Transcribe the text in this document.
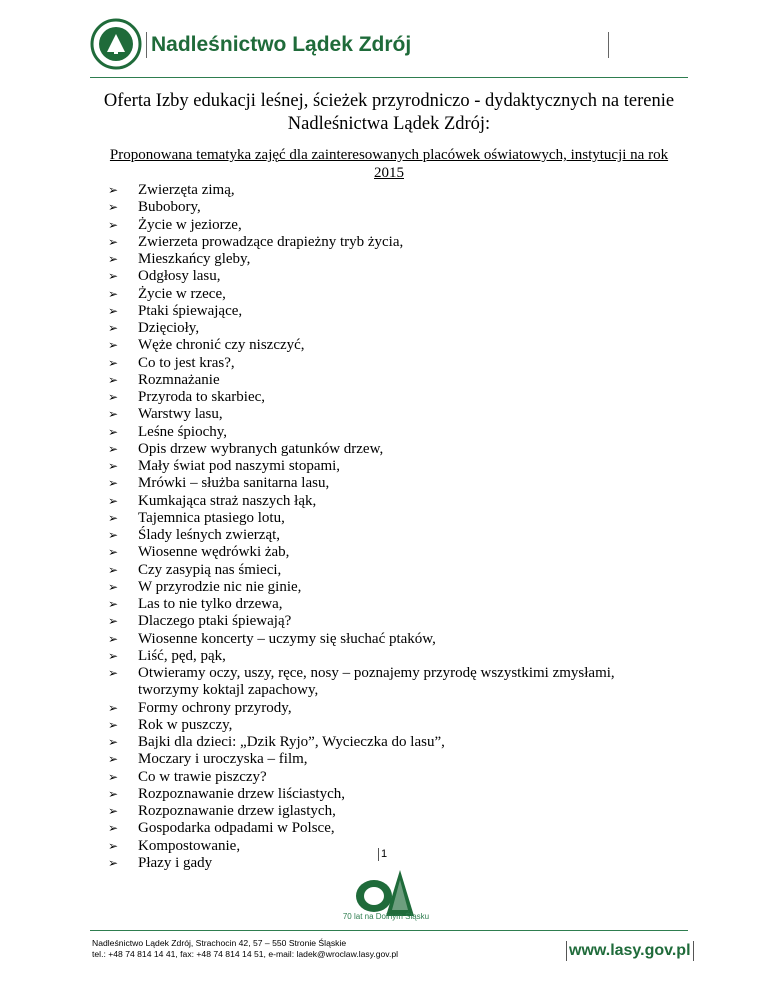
Nadleśnictwo Lądek Zdrój
Oferta Izby edukacji leśnej, ścieżek przyrodniczo - dydaktycznych na terenie
Nadleśnictwa Lądek Zdrój:
Proponowana tematyka zajęć dla zainteresowanych placówek oświatowych, instytucji na rok
2015
➢ Zwierzęta zimą,
➢ Bubobory,
➢ Życie w jeziorze,
➢ Zwierzeta prowadzące drapieżny tryb życia,
➢ Mieszkańcy gleby,
➢ Odgłosy lasu,
➢ Życie w rzece,
➢ Ptaki śpiewające,
➢ Dzięcioły,
➢ Węże chronić czy niszczyć,
➢ Co to jest kras?,
➢ Rozmnażanie
➢ Przyroda to skarbiec,
➢ Warstwy lasu,
➢ Leśne śpiochy,
➢ Opis drzew wybranych gatunków drzew,
➢ Mały świat pod naszymi stopami,
➢ Mrówki – służba sanitarna lasu,
➢ Kumkająca straż naszych łąk,
➢ Tajemnica ptasiego lotu,
➢ Ślady leśnych zwierząt,
➢ Wiosenne wędrówki żab,
➢ Czy zasypią nas śmieci,
➢ W przyrodzie nic nie ginie,
➢ Las to nie tylko drzewa,
➢ Dlaczego ptaki śpiewają?
➢ Wiosenne koncerty – uczymy się słuchać ptaków,
➢ Liść, pęd, pąk,
➢ Otwieramy oczy, uszy, ręce, nosy – poznajemy przyrodę wszystkimi zmysłami, tworzymy koktajl zapachowy,
➢ Formy ochrony przyrody,
➢ Rok w puszczy,
➢ Bajki dla dzieci: „Dzik Ryjo”, Wycieczka do lasu”,
➢ Moczary i uroczyska – film,
➢ Co w trawie piszczy?
➢ Rozpoznawanie drzew liściastych,
➢ Rozpoznawanie drzew iglastych,
➢ Gospodarka odpadami w Polsce,
➢ Kompostowanie,
➢ Płazy i gady
1
70 lat na Dolnym Śląsku
Nadleśnictwo Lądek Zdrój, Strachocin 42, 57 – 550 Stronie Śląskie
tel.: +48 74 814 14 41, fax: +48 74 814 14 51, e-mail: ladek@wroclaw.lasy.gov.pl	www.lasy.gov.pl
